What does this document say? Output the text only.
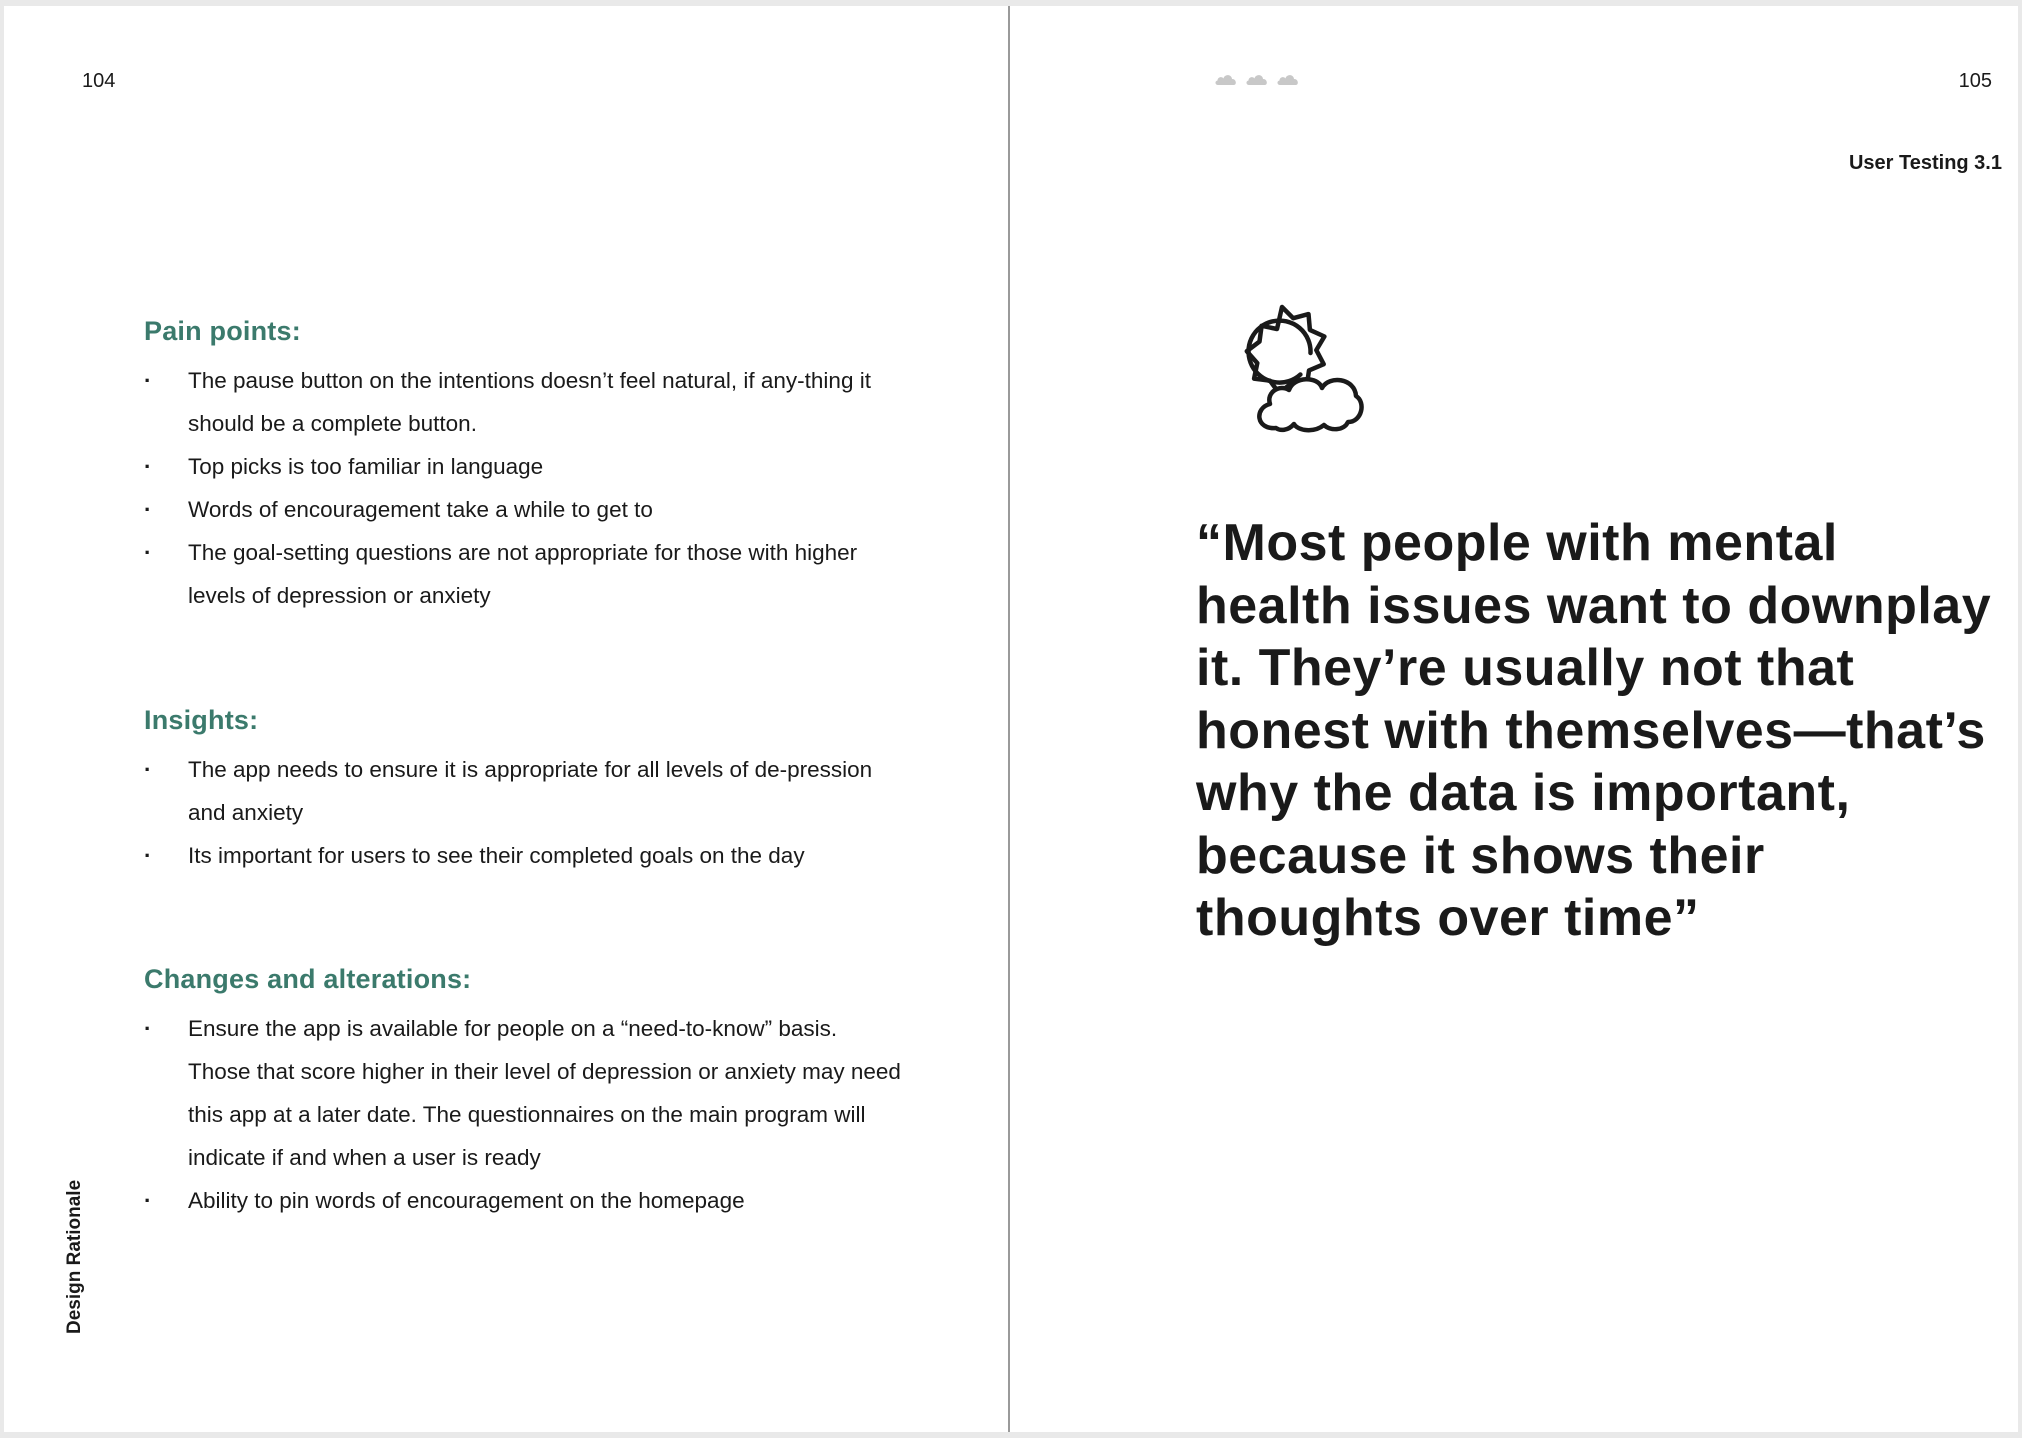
104
Pain points:
· The pause button on the intentions doesn’t feel natural, if any-thing it should be a complete button.
· Top picks is too familiar in language
· Words of encouragement take a while to get to
· The goal-setting questions are not appropriate for those with higher levels of depression or anxiety
Insights:
· The app needs to ensure it is appropriate for all levels of de-pression and anxiety
· Its important for users to see their completed goals on the day
Changes and alterations:
· Ensure the app is available for people on a “need-to-know” basis. Those that score higher in their level of depression or anxiety may need this app at a later date. The questionnaires on the main program will indicate if and when a user is ready
· Ability to pin words of encouragement on the homepage
Design Rationale
105
User Testing 3.1

“Most people with mental health issues want to downplay it. They’re usually not that honest with themselves—that’s why the data is important, because it shows their thoughts over time”
